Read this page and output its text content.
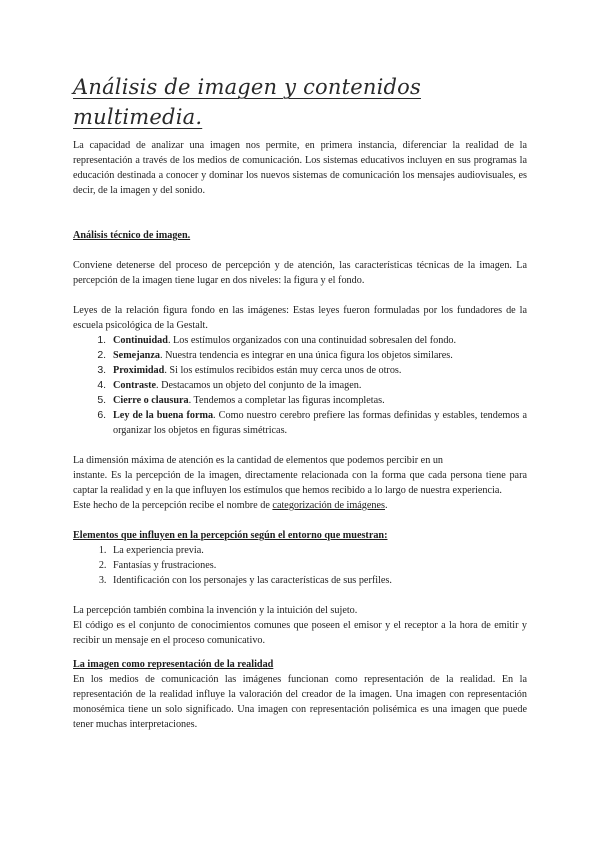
Análisis de imagen y contenidos multimedia.

La capacidad de analizar una imagen nos permite, en primera instancia, diferenciar la realidad de la representación a través de los medios de comunicación. Los sistemas educativos incluyen en sus programas la educación destinada a conocer y dominar los nuevos sistemas de comunicación los mensajes audiovisuales, es decir, de la imagen y del sonido.

Análisis técnico de imagen.

Conviene detenerse del proceso de percepción y de atención, las características técnicas de la imagen. La percepción de la imagen tiene lugar en dos niveles: la figura y el fondo.

Leyes de la relación figura fondo en las imágenes: Estas leyes fueron formuladas por los fundadores de la escuela psicológica de la Gestalt.

1. Continuidad. Los estímulos organizados con una continuidad sobresalen del fondo.
2. Semejanza. Nuestra tendencia es integrar en una única figura los objetos similares.
3. Proximidad. Si los estímulos recibidos están muy cerca unos de otros.
4. Contraste. Destacamos un objeto del conjunto de la imagen.
5. Cierre o clausura. Tendemos a completar las figuras incompletas.
6. Ley de la buena forma. Como nuestro cerebro prefiere las formas definidas y estables, tendemos a organizar los objetos en figuras simétricas.

La dimensión máxima de atención es la cantidad de elementos que podemos percibir en un

instante. Es la percepción de la imagen, directamente relacionada con la forma que cada persona tiene para captar la realidad y en la que influyen los estímulos que hemos recibido a lo largo de nuestra experiencia.

Este hecho de la percepción recibe el nombre de categorización de imágenes.

Elementos que influyen en la percepción según el entorno que muestran:

1. La experiencia previa.
2. Fantasías y frustraciones.
3. Identificación con los personajes y las características de sus perfiles.

La percepción también combina la invención y la intuición del sujeto.

El código es el conjunto de conocimientos comunes que poseen el emisor y el receptor a la hora de emitir y recibir un mensaje en el proceso comunicativo.

La imagen como representación de la realidad

En los medios de comunicación las imágenes funcionan como representación de la realidad. En la representación de la realidad influye la valoración del creador de la imagen. Una imagen con representación monosémica tiene un solo significado. Una imagen con representación polisémica es una imagen que puede tener muchas interpretaciones.
